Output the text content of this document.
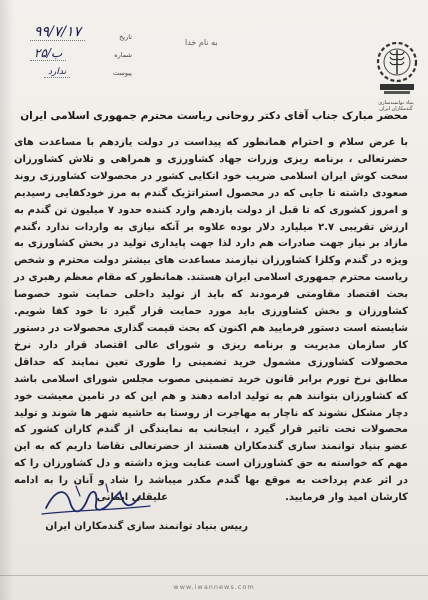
بنیاد توانمندسازی گندمکاران ایران
به نام خدا
تاریخ
۹۹/۷/۱۷
شماره
۲۵/ب
پیوست
ندارد
محضر مبارک جناب آقای دکتر روحانی ریاست محترم جمهوری اسلامی ایران
با عرض سلام و احترام همانطور که پیداست در دولت یازدهم با مساعدت های حضرتعالی ، برنامه ریزی وزرات جهاد کشاورزی و همراهی و تلاش کشاورزان سخت کوش ایران اسلامی ضریب خود اتکایی کشور در محصولات کشاورزی روند صعودی داشته تا جایی که در محصول استراتژیک گندم به مرز خودکفایی رسیدیم و امروز کشوری که تا قبل از دولت یازدهم وارد کننده حدود ۷ میلیون تن گندم به ارزش تقریبی ۲.۷ میلیارد دلار بوده علاوه بر آنکه نیازی به واردات ندارد ،گندم مازاد بر نیاز جهت صادرات هم دارد لذا جهت پایداری تولید در بخش کشاورزی به ویژه در گندم وکلزا کشاورزان نیازمند مساعدت های بیشتر دولت محترم و شخص ریاست محترم جمهوری اسلامی ایران هستند. همانطور که مقام معظم رهبری در بحث اقتصاد مقاومتی فرمودند که باید از تولید داخلی حمایت شود خصوصا کشاورزان و بخش کشاورزی باید مورد حمایت قرار گیرد تا خود کفا شویم. شایسته است دستور فرمایید هم اکنون که بحث قیمت گذاری محصولات در دستور کار سازمان مدیریت و برنامه ریزی و شورای عالی اقتصاد قرار دارد نرخ محصولات کشاورزی مشمول خرید تضمینی را طوری تعین نمایند که حداقل مطابق نرخ تورم برابر قانون خرید تضمینی مصوب مجلس شورای اسلامی باشد که کشاورزان بتوانند هم به تولید ادامه دهند و هم این که در تامین معیشت خود دچار مشکل نشوند که ناچار به مهاجرت از روستا به حاشیه شهر ها شوند و تولید محصولات تحت تاثیر قرار گیرد ، اینجانب به نمایندگی از گندم کاران کشور که عضو بنیاد توانمند سازی گندمکاران هستند از حضرتعالی تقاضا داریم که به این مهم که خواسته به حق کشاورزان است عنایت ویژه داشته و دل کشاورزان را که در اثر عدم پرداخت به موقع بها گندم مکدر میباشد را شاد و آنان را به ادامه کارشان امید وار فرمایید.
علیقلی ایمانی
رییس بنیاد توانمند سازی گندمکاران ایران
www.iwannews.com
